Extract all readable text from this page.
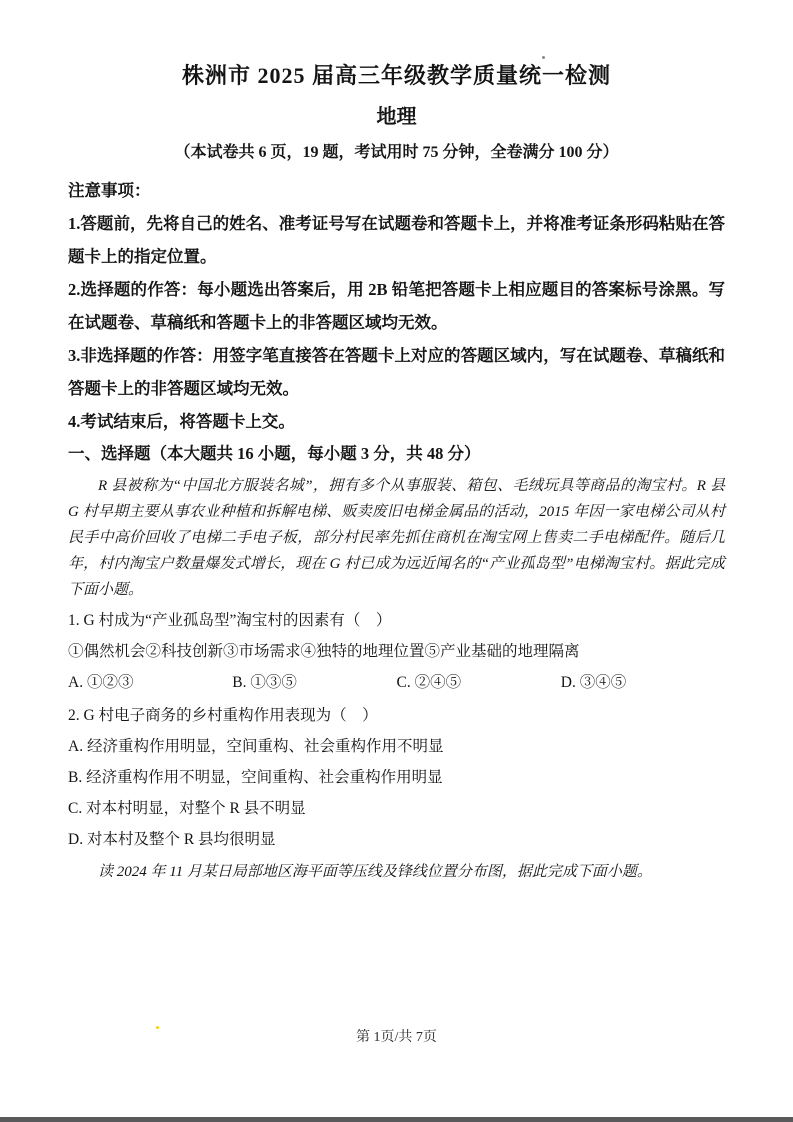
株洲市 2025 届高三年级教学质量统一检测
地理

（本试卷共 6 页，19 题，考试用时 75 分钟，全卷满分 100 分）

注意事项：

1.答题前，先将自己的姓名、准考证号写在试题卷和答题卡上，并将准考证条形码粘贴在答题卡上的指定位置。

2.选择题的作答：每小题选出答案后，用 2B 铅笔把答题卡上相应题目的答案标号涂黑。写在试题卷、草稿纸和答题卡上的非答题区域均无效。

3.非选择题的作答：用签字笔直接答在答题卡上对应的答题区域内，写在试题卷、草稿纸和答题卡上的非答题区域均无效。

4.考试结束后，将答题卡上交。

一、选择题（本大题共 16 小题，每小题 3 分，共 48 分）

R 县被称为“中国北方服装名城”，拥有多个从事服装、箱包、毛绒玩具等商品的淘宝村。R 县 G 村早期主要从事农业种植和拆解电梯、贩卖废旧电梯金属品的活动，2015 年因一家电梯公司从村民手中高价回收了电梯二手电子板，部分村民率先抓住商机在淘宝网上售卖二手电梯配件。随后几年，村内淘宝户数量爆发式增长，现在 G 村已成为远近闻名的“产业孤岛型”电梯淘宝村。据此完成下面小题。

1. G 村成为“产业孤岛型”淘宝村的因素有（　）

①偶然机会②科技创新③市场需求④独特的地理位置⑤产业基础的地理隔离

A. ①②③	B. ①③⑤	C. ②④⑤	D. ③④⑤

2. G 村电子商务的乡村重构作用表现为（　）

A. 经济重构作用明显，空间重构、社会重构作用不明显

B. 经济重构作用不明显，空间重构、社会重构作用明显

C. 对本村明显，对整个 R 县不明显

D. 对本村及整个 R 县均很明显

读 2024 年 11 月某日局部地区海平面等压线及锋线位置分布图，据此完成下面小题。

第 1页/共 7页
